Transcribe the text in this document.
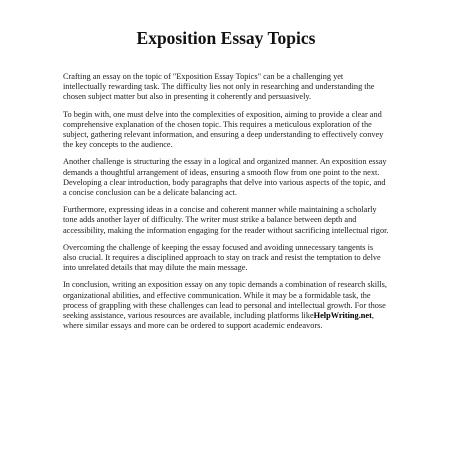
Exposition Essay Topics

Crafting an essay on the topic of "Exposition Essay Topics" can be a challenging yet
intellectually rewarding task. The difficulty lies not only in researching and understanding the
chosen subject matter but also in presenting it coherently and persuasively.

To begin with, one must delve into the complexities of exposition, aiming to provide a clear and
comprehensive explanation of the chosen topic. This requires a meticulous exploration of the
subject, gathering relevant information, and ensuring a deep understanding to effectively convey
the key concepts to the audience.

Another challenge is structuring the essay in a logical and organized manner. An exposition essay
demands a thoughtful arrangement of ideas, ensuring a smooth flow from one point to the next.
Developing a clear introduction, body paragraphs that delve into various aspects of the topic, and
a concise conclusion can be a delicate balancing act.

Furthermore, expressing ideas in a concise and coherent manner while maintaining a scholarly
tone adds another layer of difficulty. The writer must strike a balance between depth and
accessibility, making the information engaging for the reader without sacrificing intellectual rigor.

Overcoming the challenge of keeping the essay focused and avoiding unnecessary tangents is
also crucial. It requires a disciplined approach to stay on track and resist the temptation to delve
into unrelated details that may dilute the main message.

In conclusion, writing an exposition essay on any topic demands a combination of research skills,
organizational abilities, and effective communication. While it may be a formidable task, the
process of grappling with these challenges can lead to personal and intellectual growth. For those
seeking assistance, various resources are available, including platforms likeHelpWriting.net,
where similar essays and more can be ordered to support academic endeavors.
